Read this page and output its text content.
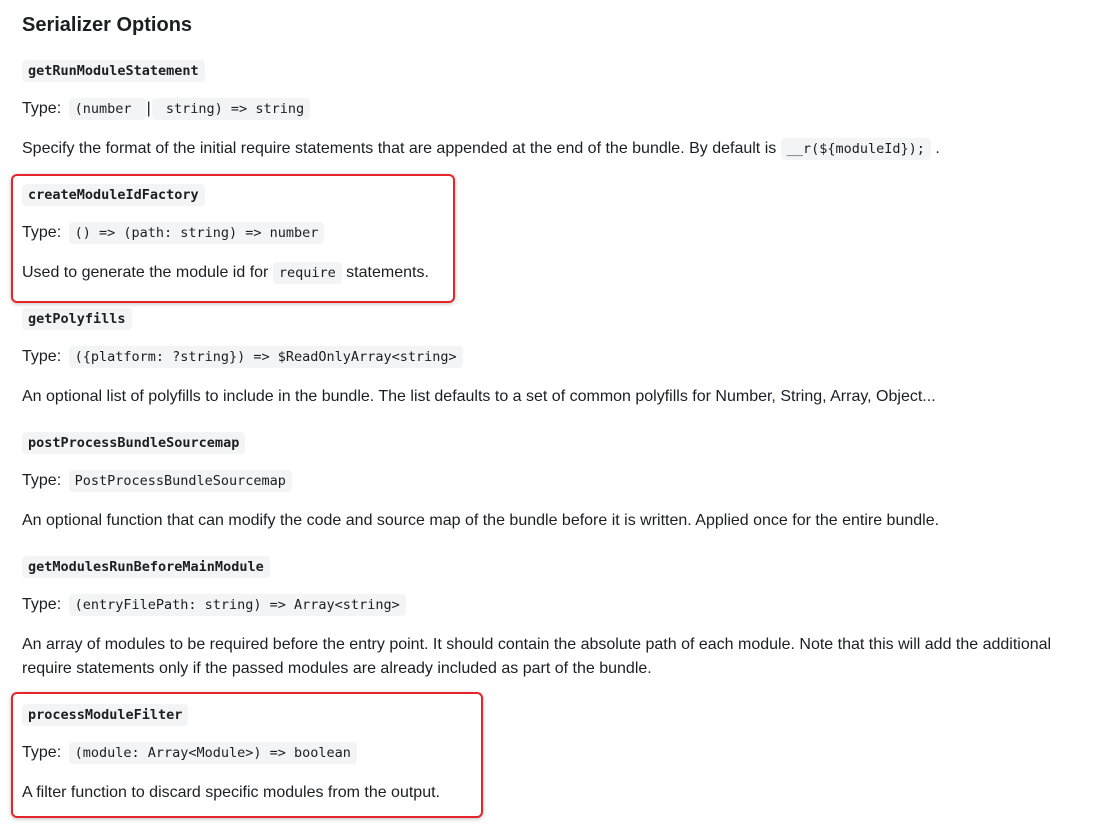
Serializer Options
getRunModuleStatement
Type: (number | string) => string
Specify the format of the initial require statements that are appended at the end of the bundle. By default is __r(${moduleId}); .
createModuleIdFactory
Type: () => (path: string) => number
Used to generate the module id for require statements.
getPolyfills
Type: ({platform: ?string}) => $ReadOnlyArray<string>
An optional list of polyfills to include in the bundle. The list defaults to a set of common polyfills for Number, String, Array, Object...
postProcessBundleSourcemap
Type: PostProcessBundleSourcemap
An optional function that can modify the code and source map of the bundle before it is written. Applied once for the entire bundle.
getModulesRunBeforeMainModule
Type: (entryFilePath: string) => Array<string>
An array of modules to be required before the entry point. It should contain the absolute path of each module. Note that this will add the additional require statements only if the passed modules are already included as part of the bundle.
processModuleFilter
Type: (module: Array<Module>) => boolean
A filter function to discard specific modules from the output.
